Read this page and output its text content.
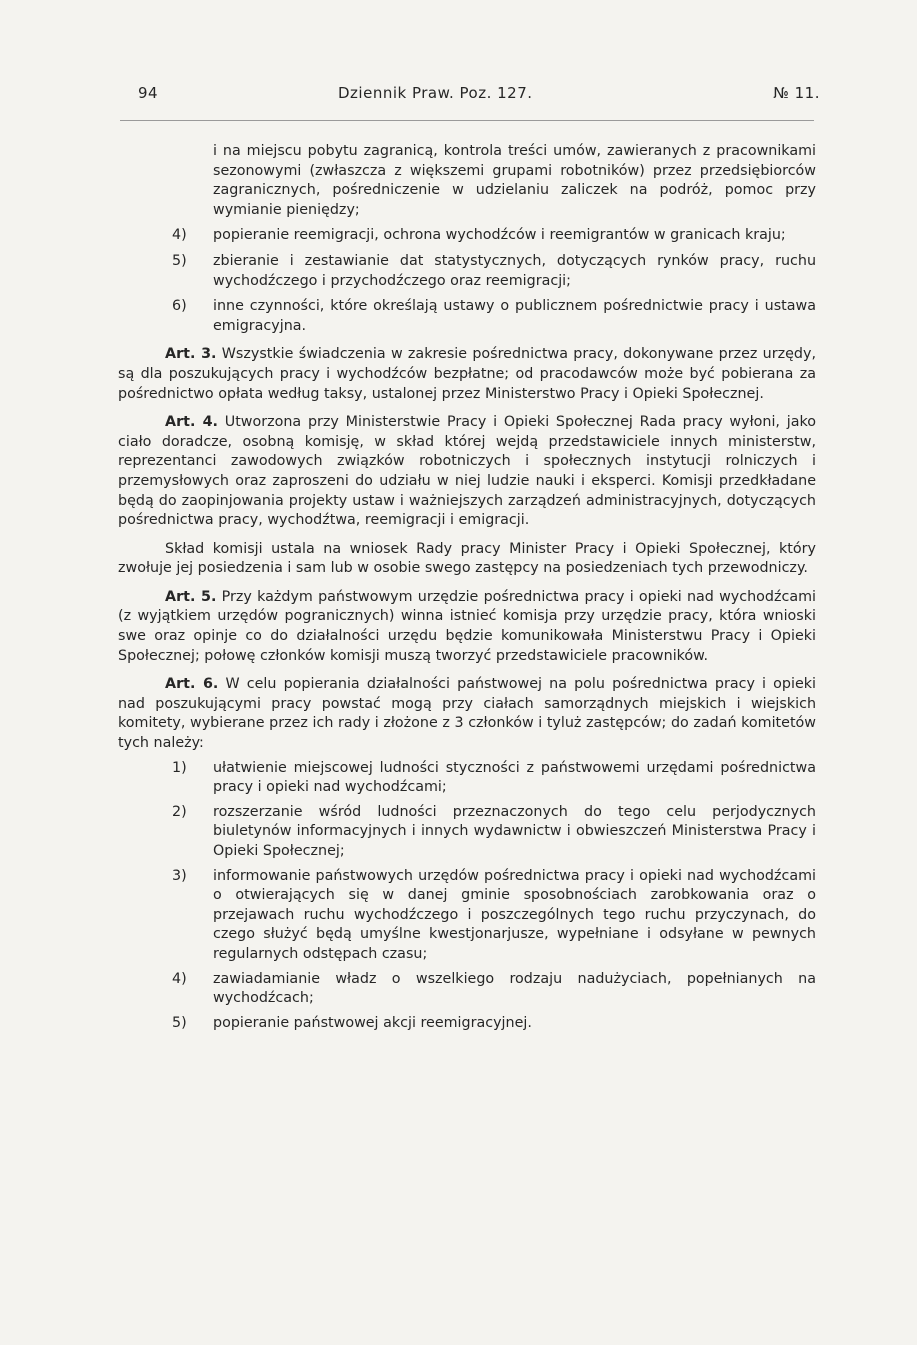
94	Dziennik Praw. Poz. 127.	№ 11.

i na miejscu pobytu zagranicą, kontrola treści umów, zawieranych z pracownikami sezonowymi (zwłaszcza z większemi grupami robotników) przez przedsiębiorców zagranicznych, pośredniczenie w udzielaniu zaliczek na podróż, pomoc przy wymianie pieniędzy;

4) popieranie reemigracji, ochrona wychodźców i reemigrantów w granicach kraju;
5) zbieranie i zestawianie dat statystycznych, dotyczących rynków pracy, ruchu wychodźczego i przychodźczego oraz reemigracji;
6) inne czynności, które określają ustawy o publicznem pośrednictwie pracy i ustawa emigracyjna.

Art. 3. Wszystkie świadczenia w zakresie pośrednictwa pracy, dokonywane przez urzędy, są dla poszukujących pracy i wychodźców bezpłatne; od pracodawców może być pobierana za pośrednictwo opłata według taksy, ustalonej przez Ministerstwo Pracy i Opieki Społecznej.

Art. 4. Utworzona przy Ministerstwie Pracy i Opieki Społecznej Rada pracy wyłoni, jako ciało doradcze, osobną komisję, w skład której wejdą przedstawiciele innych ministerstw, reprezentanci zawodowych związków robotniczych i społecznych instytucji rolniczych i przemysłowych oraz zaproszeni do udziału w niej ludzie nauki i eksperci. Komisji przedkładane będą do zaopinjowania projekty ustaw i ważniejszych zarządzeń administracyjnych, dotyczących pośrednictwa pracy, wychodźtwa, reemigracji i emigracji.

Skład komisji ustala na wniosek Rady pracy Minister Pracy i Opieki Społecznej, który zwołuje jej posiedzenia i sam lub w osobie swego zastępcy na posiedzeniach tych przewodniczy.

Art. 5. Przy każdym państwowym urzędzie pośrednictwa pracy i opieki nad wychodźcami (z wyjątkiem urzędów pogranicznych) winna istnieć komisja przy urzędzie pracy, która wnioski swe oraz opinje co do działalności urzędu będzie komunikowała Ministerstwu Pracy i Opieki Społecznej; połowę członków komisji muszą tworzyć przedstawiciele pracowników.

Art. 6. W celu popierania działalności państwowej na polu pośrednictwa pracy i opieki nad poszukującymi pracy powstać mogą przy ciałach samorządnych miejskich i wiejskich komitety, wybierane przez ich rady i złożone z 3 członków i tyluż zastępców; do zadań komitetów tych należy:

1) ułatwienie miejscowej ludności styczności z państwowemi urzędami pośrednictwa pracy i opieki nad wychodźcami;
2) rozszerzanie wśród ludności przeznaczonych do tego celu perjodycznych biuletynów informacyjnych i innych wydawnictw i obwieszczeń Ministerstwa Pracy i Opieki Społecznej;
3) informowanie państwowych urzędów pośrednictwa pracy i opieki nad wychodźcami o otwierających się w danej gminie sposobnościach zarobkowania oraz o przejawach ruchu wychodźczego i poszczególnych tego ruchu przyczynach, do czego służyć będą umyślne kwestjonarjusze, wypełniane i odsyłane w pewnych regularnych odstępach czasu;
4) zawiadamianie władz o wszelkiego rodzaju nadużyciach, popełnianych na wychodźcach;
5) popieranie państwowej akcji reemigracyjnej.
